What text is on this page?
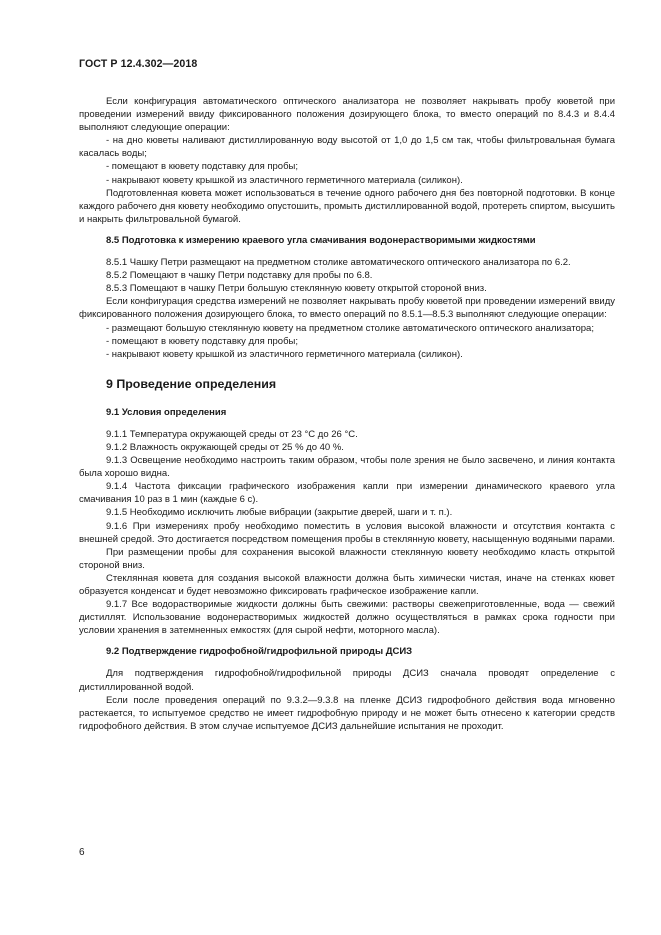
ГОСТ Р 12.4.302—2018

Если конфигурация автоматического оптического анализатора не позволяет накрывать пробу кюветой при проведении измерений ввиду фиксированного положения дозирующего блока, то вместо операций по 8.4.3 и 8.4.4 выполняют следующие операции:

- на дно кюветы наливают дистиллированную воду высотой от 1,0 до 1,5 см так, чтобы фильтровальная бумага касалась воды;

- помещают в кювету подставку для пробы;

- накрывают кювету крышкой из эластичного герметичного материала (силикон).

Подготовленная кювета может использоваться в течение одного рабочего дня без повторной подготовки. В конце каждого рабочего дня кювету необходимо опустошить, промыть дистиллированной водой, протереть спиртом, высушить и накрыть фильтровальной бумагой.

8.5 Подготовка к измерению краевого угла смачивания водонерастворимыми жидкостями

8.5.1 Чашку Петри размещают на предметном столике автоматического оптического анализатора по 6.2.

8.5.2 Помещают в чашку Петри подставку для пробы по 6.8.

8.5.3 Помещают в чашку Петри большую стеклянную кювету открытой стороной вниз.

Если конфигурация средства измерений не позволяет накрывать пробу кюветой при проведении измерений ввиду фиксированного положения дозирующего блока, то вместо операций по 8.5.1—8.5.3 выполняют следующие операции:

- размещают большую стеклянную кювету на предметном столике автоматического оптического анализатора;

- помещают в кювету подставку для пробы;

- накрывают кювету крышкой из эластичного герметичного материала (силикон).

9 Проведение определения

9.1 Условия определения

9.1.1 Температура окружающей среды от 23 °С до 26 °С.

9.1.2 Влажность окружающей среды от 25 % до 40 %.

9.1.3 Освещение необходимо настроить таким образом, чтобы поле зрения не было засвечено, и линия контакта была хорошо видна.

9.1.4 Частота фиксации графического изображения капли при измерении динамического краевого угла смачивания 10 раз в 1 мин (каждые 6 с).

9.1.5 Необходимо исключить любые вибрации (закрытие дверей, шаги и т. п.).

9.1.6 При измерениях пробу необходимо поместить в условия высокой влажности и отсутствия контакта с внешней средой. Это достигается посредством помещения пробы в стеклянную кювету, насыщенную водяными парами.

При размещении пробы для сохранения высокой влажности стеклянную кювету необходимо класть открытой стороной вниз.

Стеклянная кювета для создания высокой влажности должна быть химически чистая, иначе на стенках кювет образуется конденсат и будет невозможно фиксировать графическое изображение капли.

9.1.7 Все водорастворимые жидкости должны быть свежими: растворы свежеприготовленные, вода — свежий дистиллят. Использование водонерастворимых жидкостей должно осуществляться в рамках срока годности при условии хранения в затемненных емкостях (для сырой нефти, моторного масла).

9.2 Подтверждение гидрофобной/гидрофильной природы ДСИЗ

Для подтверждения гидрофобной/гидрофильной природы ДСИЗ сначала проводят определение с дистиллированной водой.

Если после проведения операций по 9.3.2—9.3.8 на пленке ДСИЗ гидрофобного действия вода мгновенно растекается, то испытуемое средство не имеет гидрофобную природу и не может быть отнесено к категории средств гидрофобного действия. В этом случае испытуемое ДСИЗ дальнейшие испытания не проходит.

6
